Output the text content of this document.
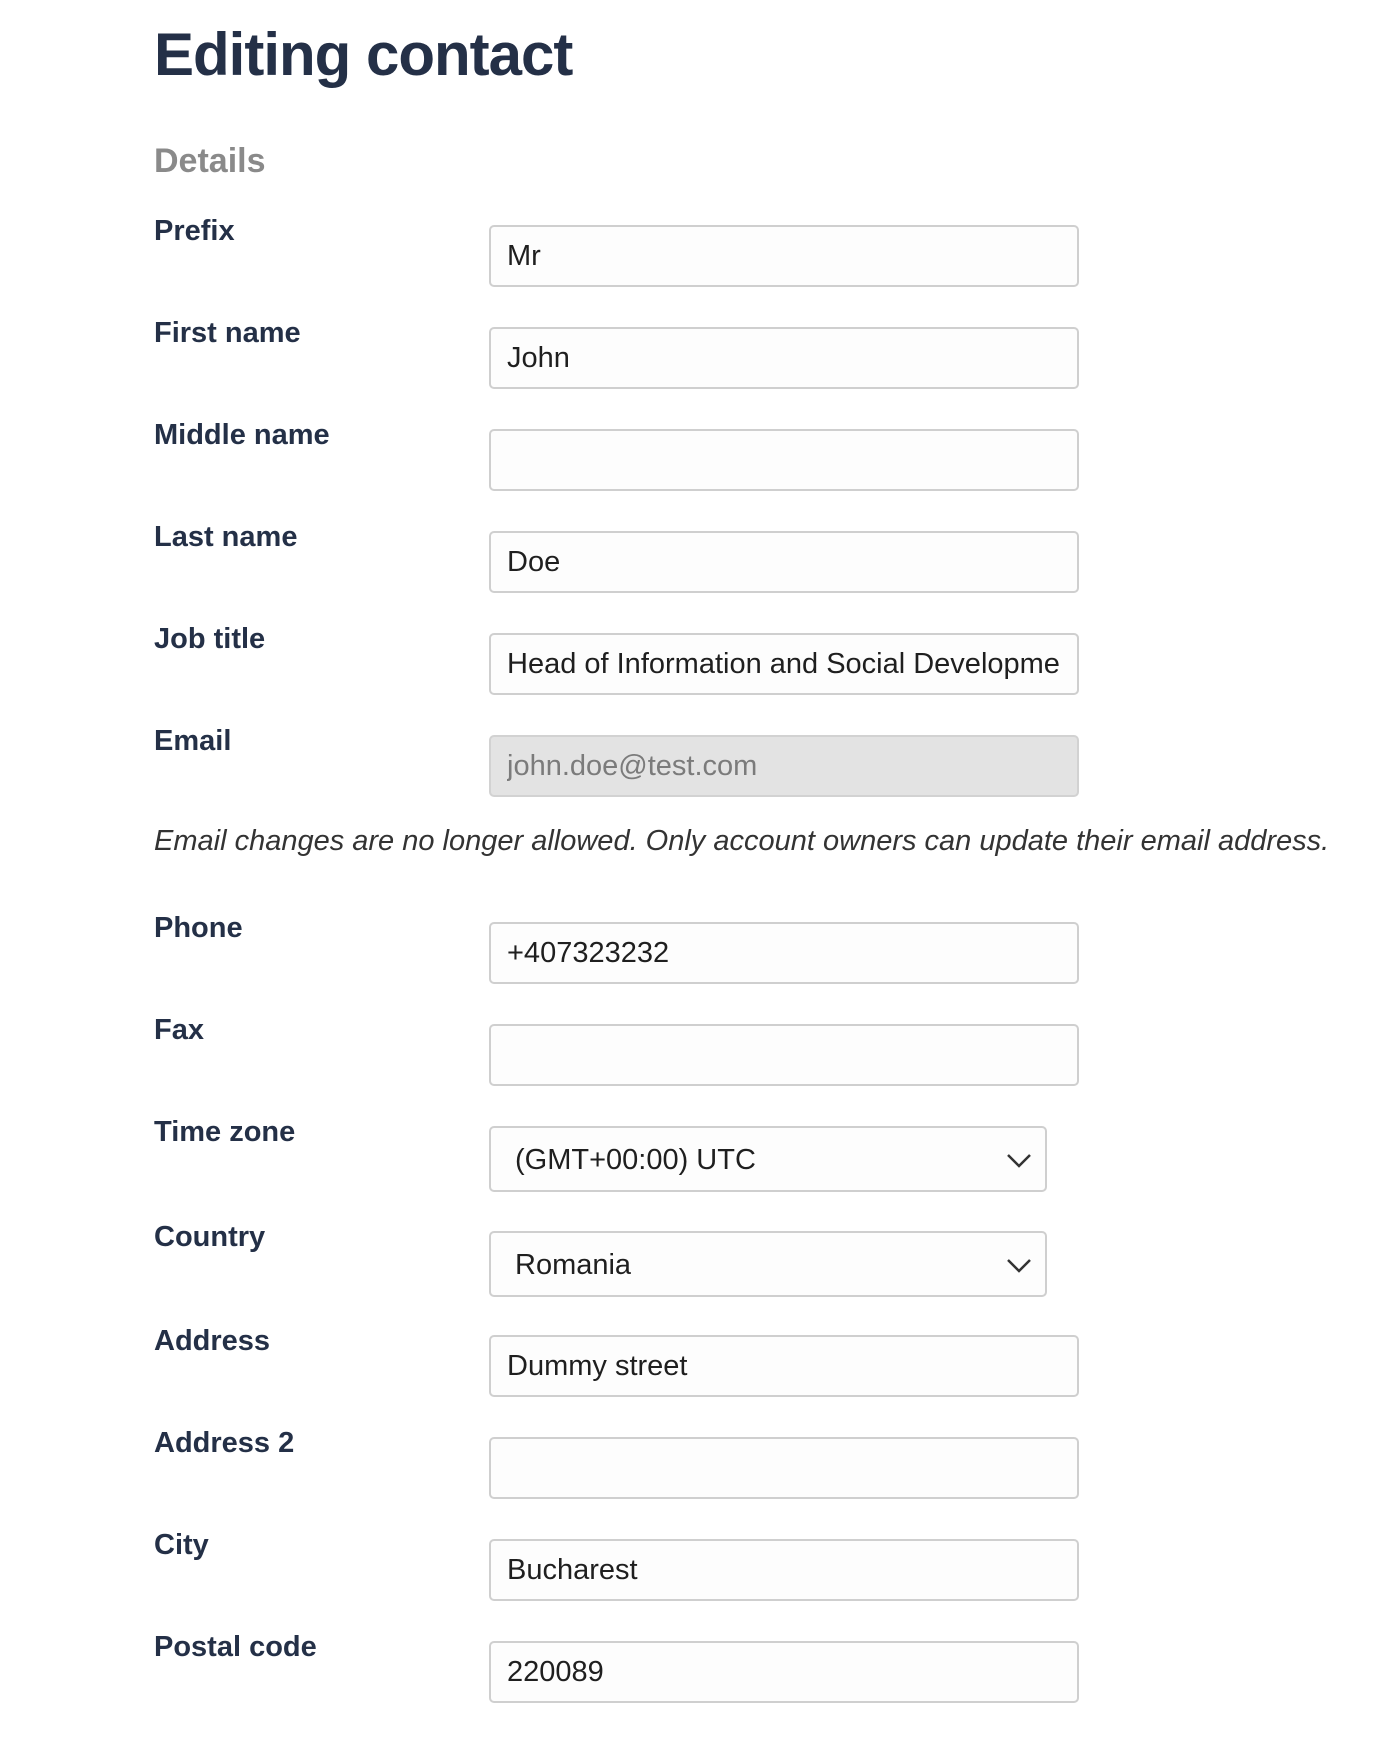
Editing contact
Details
Prefix
Mr
First name
John
Middle name
Last name
Doe
Job title
Head of Information and Social Development
Email
john.doe@test.com

Email changes are no longer allowed. Only account owners can update their email address.

Phone
+407323232
Fax
Time zone
(GMT+00:00) UTC
Country
Romania
Address
Dummy street
Address 2
City
Bucharest
Postal code
220089
